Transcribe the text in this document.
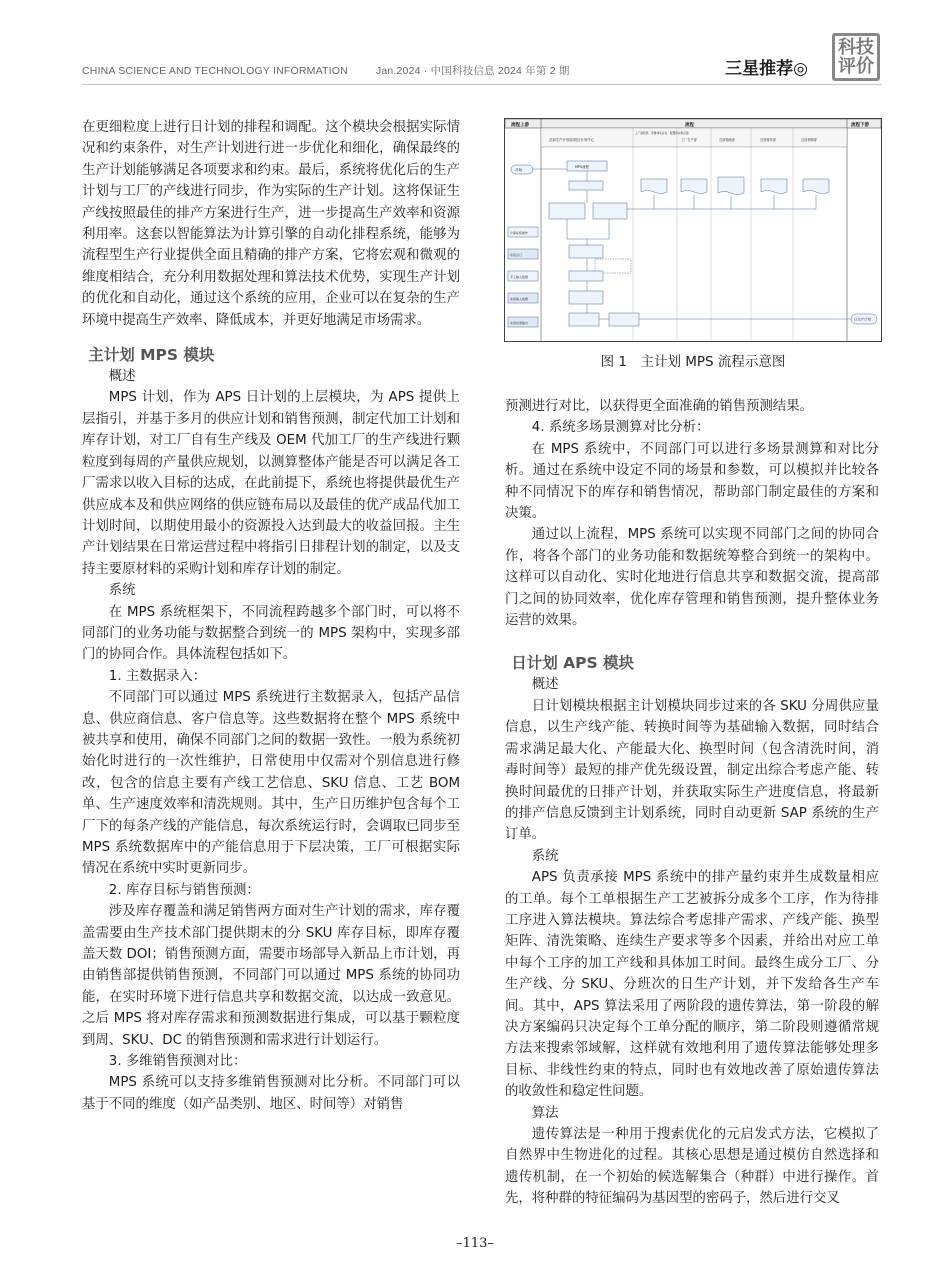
CHINA SCIENCE AND TECHNOLOGY INFORMATION	Jan.2024 · 中国科技信息 2024 年第 2 期	三星推荐◎
科技
评价

在更细粒度上进行日计划的排程和调配。这个模块会根据实际情况和约束条件，对生产计划进行进一步优化和细化，确保最终的生产计划能够满足各项要求和约束。最后，系统将优化后的生产计划与工厂的产线进行同步，作为实际的生产计划。这将保证生产线按照最佳的排产方案进行生产，进一步提高生产效率和资源利用率。这套以智能算法为计算引擎的自动化排程系统，能够为流程型生产行业提供全面且精确的排产方案，它将宏观和微观的维度相结合，充分利用数据处理和算法技术优势，实现生产计划的优化和自动化，通过这个系统的应用，企业可以在复杂的生产环境中提高生产效率、降低成本，并更好地满足市场需求。

主计划 MPS 模块

概述

MPS 计划，作为 APS 日计划的上层模块，为 APS 提供上层指引，并基于多月的供应计划和销售预测，制定代加工计划和库存计划，对工厂自有生产线及 OEM 代加工厂的生产线进行颗粒度到每周的产量供应规划，以测算整体产能是否可以满足各工厂需求以收入目标的达成，在此前提下，系统也将提供最优生产供应成本及和供应网络的供应链布局以及最佳的优产成品代加工计划时间，以期使用最小的资源投入达到最大的收益回报。主生产计划结果在日常运营过程中将指引日排程计划的制定，以及支持主要原材料的采购计划和库存计划的制定。

系统

在 MPS 系统框架下，不同流程跨越多个部门时，可以将不同部门的业务功能与数据整合到统一的 MPS 架构中，实现多部门的协同合作。具体流程包括如下。

1. 主数据录入：

不同部门可以通过 MPS 系统进行主数据录入，包括产品信息、供应商信息、客户信息等。这些数据将在整个 MPS 系统中被共享和使用，确保不同部门之间的数据一致性。一般为系统初始化时进行的一次性维护，日常使用中仅需对个别信息进行修改，包含的信息主要有产线工艺信息、SKU 信息、工艺 BOM 单、生产速度效率和清洗规则。其中，生产日历维护包含每个工厂下的每条产线的产能信息，每次系统运行时，会调取已同步至 MPS 系统数据库中的产能信息用于下层决策，工厂可根据实际情况在系统中实时更新同步。

2. 库存目标与销售预测：

涉及库存覆盖和满足销售两方面对生产计划的需求，库存覆盖需要由生产技术部门提供期末的分 SKU 库存目标，即库存覆盖天数 DOI；销售预测方面，需要市场部导入新品上市计划，再由销售部提供销售预测，不同部门可以通过 MPS 系统的协同功能，在实时环境下进行信息共享和数据交流，以达成一致意见。之后 MPS 将对库存需求和预测数据进行集成，可以基于颗粒度到周、SKU、DC 的销售预测和需求进行计划运行。

3. 多维销售预测对比：

MPS 系统可以支持多维销售预测对比分析。不同部门可以基于不同的维度（如产品类别、地区、时间等）对销售

流程上游	流程	流程下游
总部生产计划部/供应计划中心
工厂销售部、部署体系业务、配置库存供应链
工厂生产部	总部物流部	总部财务部	总部采购部
开始
MPS流程
日生产计划
计算系统操作
系统运行
手工输入数据
系统输入数据
系统结果输出
图 1　主计划 MPS 流程示意图

预测进行对比，以获得更全面准确的销售预测结果。

4. 系统多场景测算对比分析：

在 MPS 系统中，不同部门可以进行多场景测算和对比分析。通过在系统中设定不同的场景和参数，可以模拟并比较各种不同情况下的库存和销售情况，帮助部门制定最佳的方案和决策。

通过以上流程，MPS 系统可以实现不同部门之间的协同合作，将各个部门的业务功能和数据统筹整合到统一的架构中。这样可以自动化、实时化地进行信息共享和数据交流，提高部门之间的协同效率，优化库存管理和销售预测，提升整体业务运营的效果。

日计划 APS 模块

概述

日计划模块根据主计划模块同步过来的各 SKU 分周供应量信息，以生产线产能、转换时间等为基础输入数据，同时结合需求满足最大化、产能最大化、换型时间（包含清洗时间，消毒时间等）最短的排产优先级设置，制定出综合考虑产能、转换时间最优的日排产计划，并获取实际生产进度信息，将最新的排产信息反馈到主计划系统，同时自动更新 SAP 系统的生产订单。

系统

APS 负责承接 MPS 系统中的排产量约束并生成数量相应的工单。每个工单根据生产工艺被拆分成多个工序，作为待排工序进入算法模块。算法综合考虑排产需求、产线产能、换型矩阵、清洗策略、连续生产要求等多个因素，并给出对应工单中每个工序的加工产线和具体加工时间。最终生成分工厂、分生产线、分 SKU、分班次的日生产计划，并下发给各生产车间。其中，APS 算法采用了两阶段的遗传算法，第一阶段的解决方案编码只决定每个工单分配的顺序，第二阶段则遵循常规方法来搜索邻域解，这样就有效地利用了遗传算法能够处理多目标、非线性约束的特点，同时也有效地改善了原始遗传算法的收敛性和稳定性问题。

算法

遗传算法是一种用于搜索优化的元启发式方法，它模拟了自然界中生物进化的过程。其核心思想是通过模仿自然选择和遗传机制，在一个初始的候选解集合（种群）中进行操作。首先，将种群的特征编码为基因型的密码子，然后进行交叉

–113–
